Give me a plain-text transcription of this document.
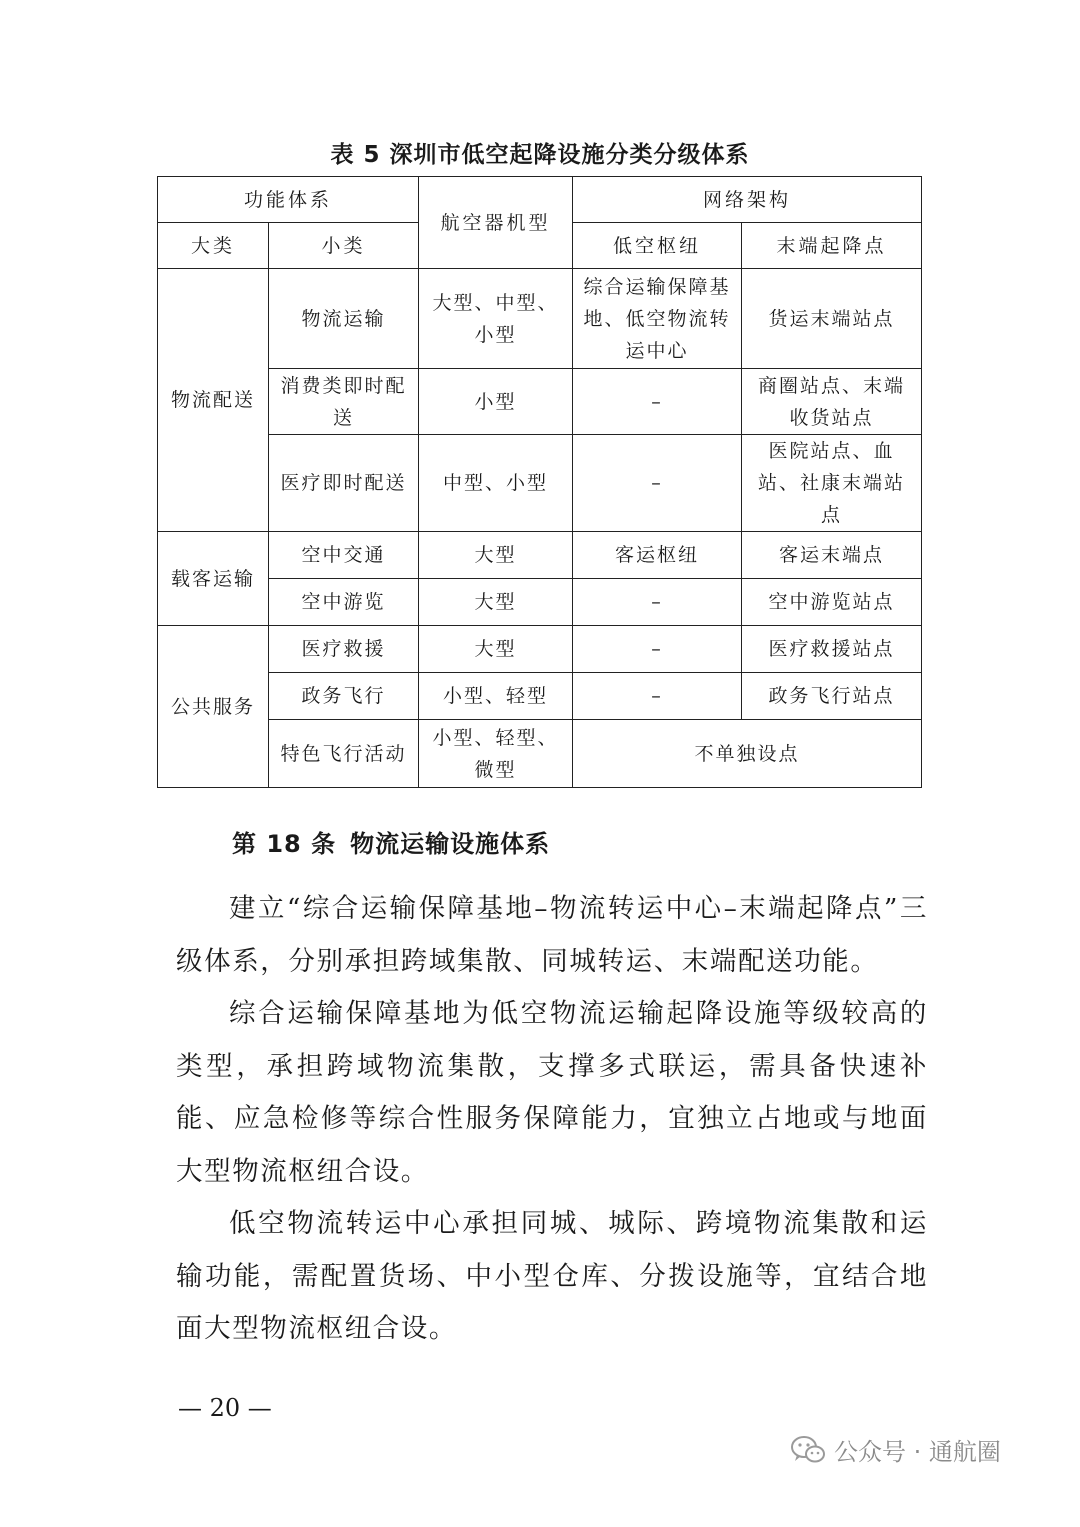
表 5 深圳市低空起降设施分类分级体系
功能体系		航空器机型	网络架构	
大类	小类		低空枢纽	末端起降点
物流配送	物流运输	大型、中型、小型	综合运输保障基地、低空物流转运中心	货运末端站点
	消费类即时配送	小型	–	商圈站点、末端收货站点
	医疗即时配送	中型、小型	–	医院站点、血站、社康末端站点
载客运输	空中交通	大型	客运枢纽	客运末端点
	空中游览	大型	–	空中游览站点
公共服务	医疗救援	大型	–	医疗救援站点
	政务飞行	小型、轻型	–	政务飞行站点
	特色飞行活动	小型、轻型、微型	不单独设点	
第 18 条 物流运输设施体系

建立“综合运输保障基地–物流转运中心–末端起降点”三级体系，分别承担跨域集散、同城转运、末端配送功能。

综合运输保障基地为低空物流运输起降设施等级较高的类型，承担跨域物流集散，支撑多式联运，需具备快速补能、应急检修等综合性服务保障能力，宜独立占地或与地面大型物流枢纽合设。

低空物流转运中心承担同城、城际、跨境物流集散和运输功能，需配置货场、中小型仓库、分拨设施等，宜结合地面大型物流枢纽合设。

— 20 —
公众号 · 通航圈
